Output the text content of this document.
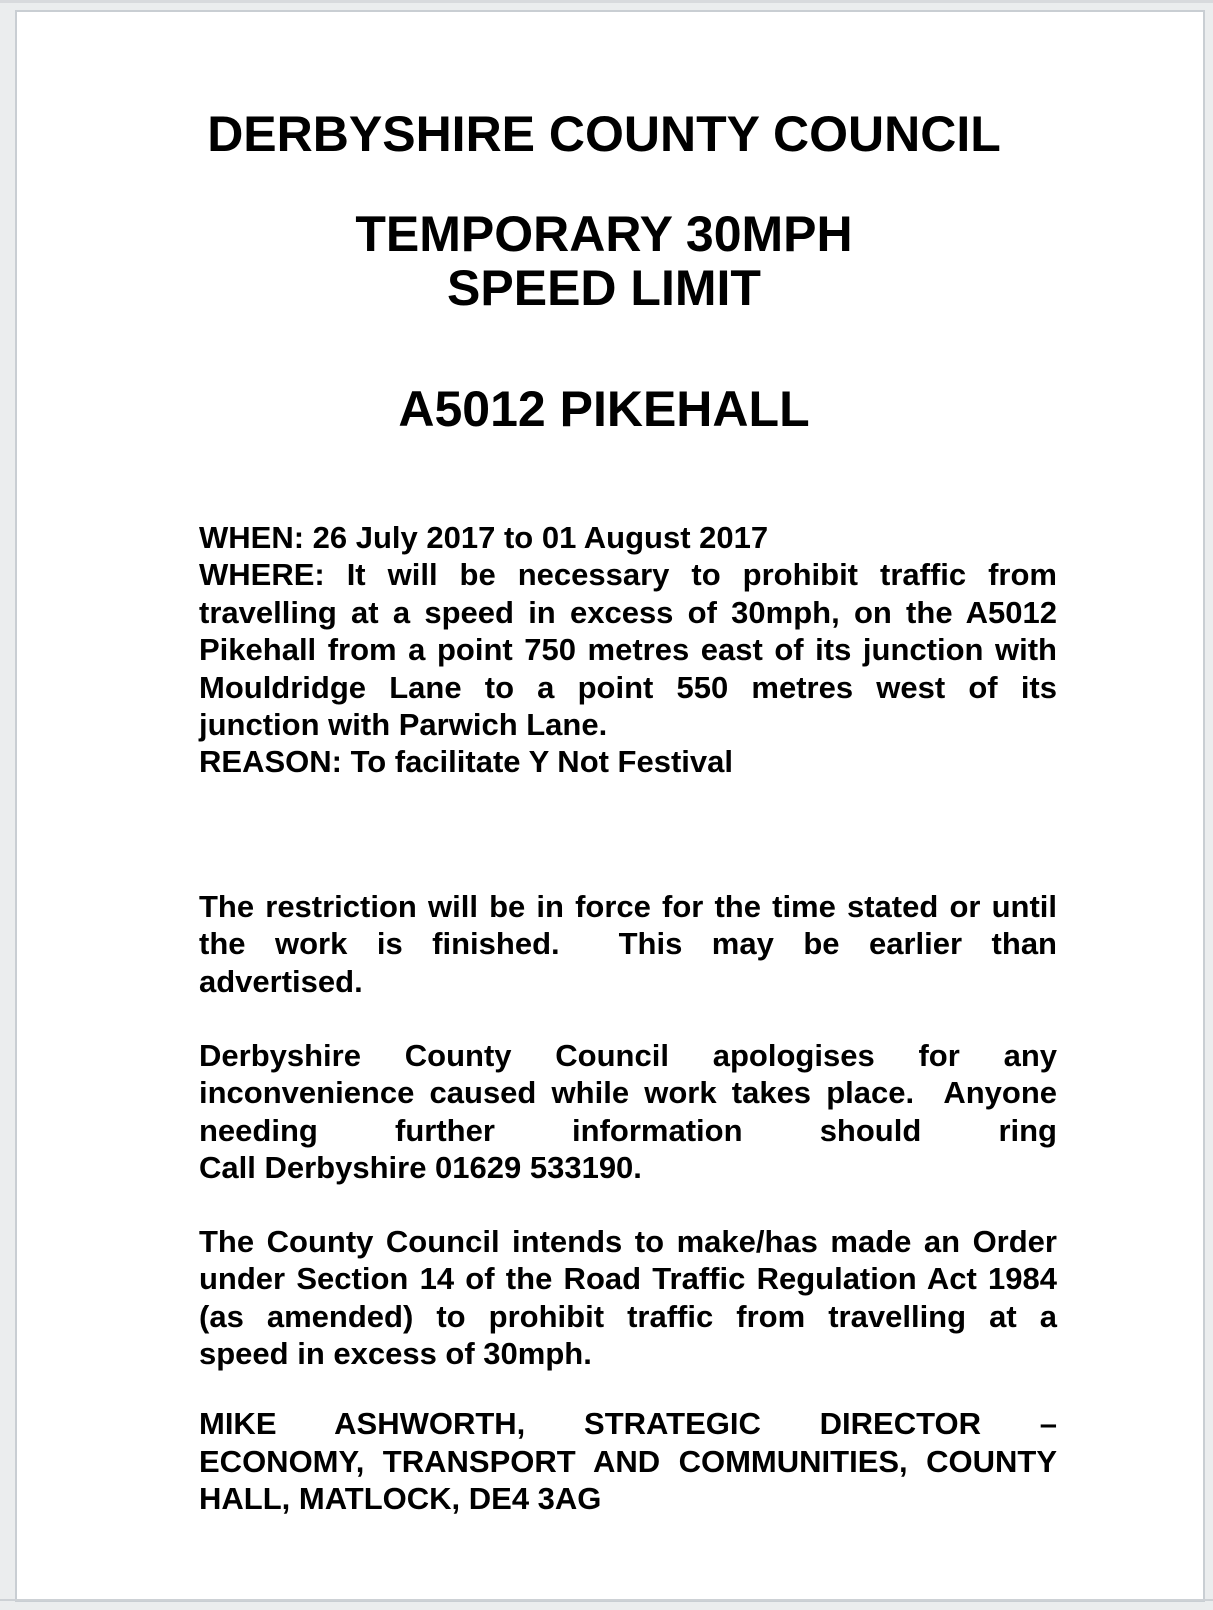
DERBYSHIRE COUNTY COUNCIL
TEMPORARY 30MPH
SPEED LIMIT
A5012 PIKEHALL
WHEN: 26 July 2017 to 01 August 2017
WHERE: It will be necessary to prohibit traffic from
travelling at a speed in excess of 30mph, on the A5012
Pikehall from a point 750 metres east of its junction with
Mouldridge Lane to a point 550 metres west of its
junction with Parwich Lane.
REASON: To facilitate Y Not Festival
The restriction will be in force for the time stated or until
the work is finished.  This may be earlier than
advertised.
Derbyshire County Council apologises for any
inconvenience caused while work takes place.  Anyone
needing further information should ring
Call Derbyshire 01629 533190.
The County Council intends to make/has made an Order
under Section 14 of the Road Traffic Regulation Act 1984
(as amended) to prohibit traffic from travelling at a
speed in excess of 30mph.
MIKE ASHWORTH, STRATEGIC DIRECTOR –
ECONOMY, TRANSPORT AND COMMUNITIES, COUNTY
HALL, MATLOCK, DE4 3AG
